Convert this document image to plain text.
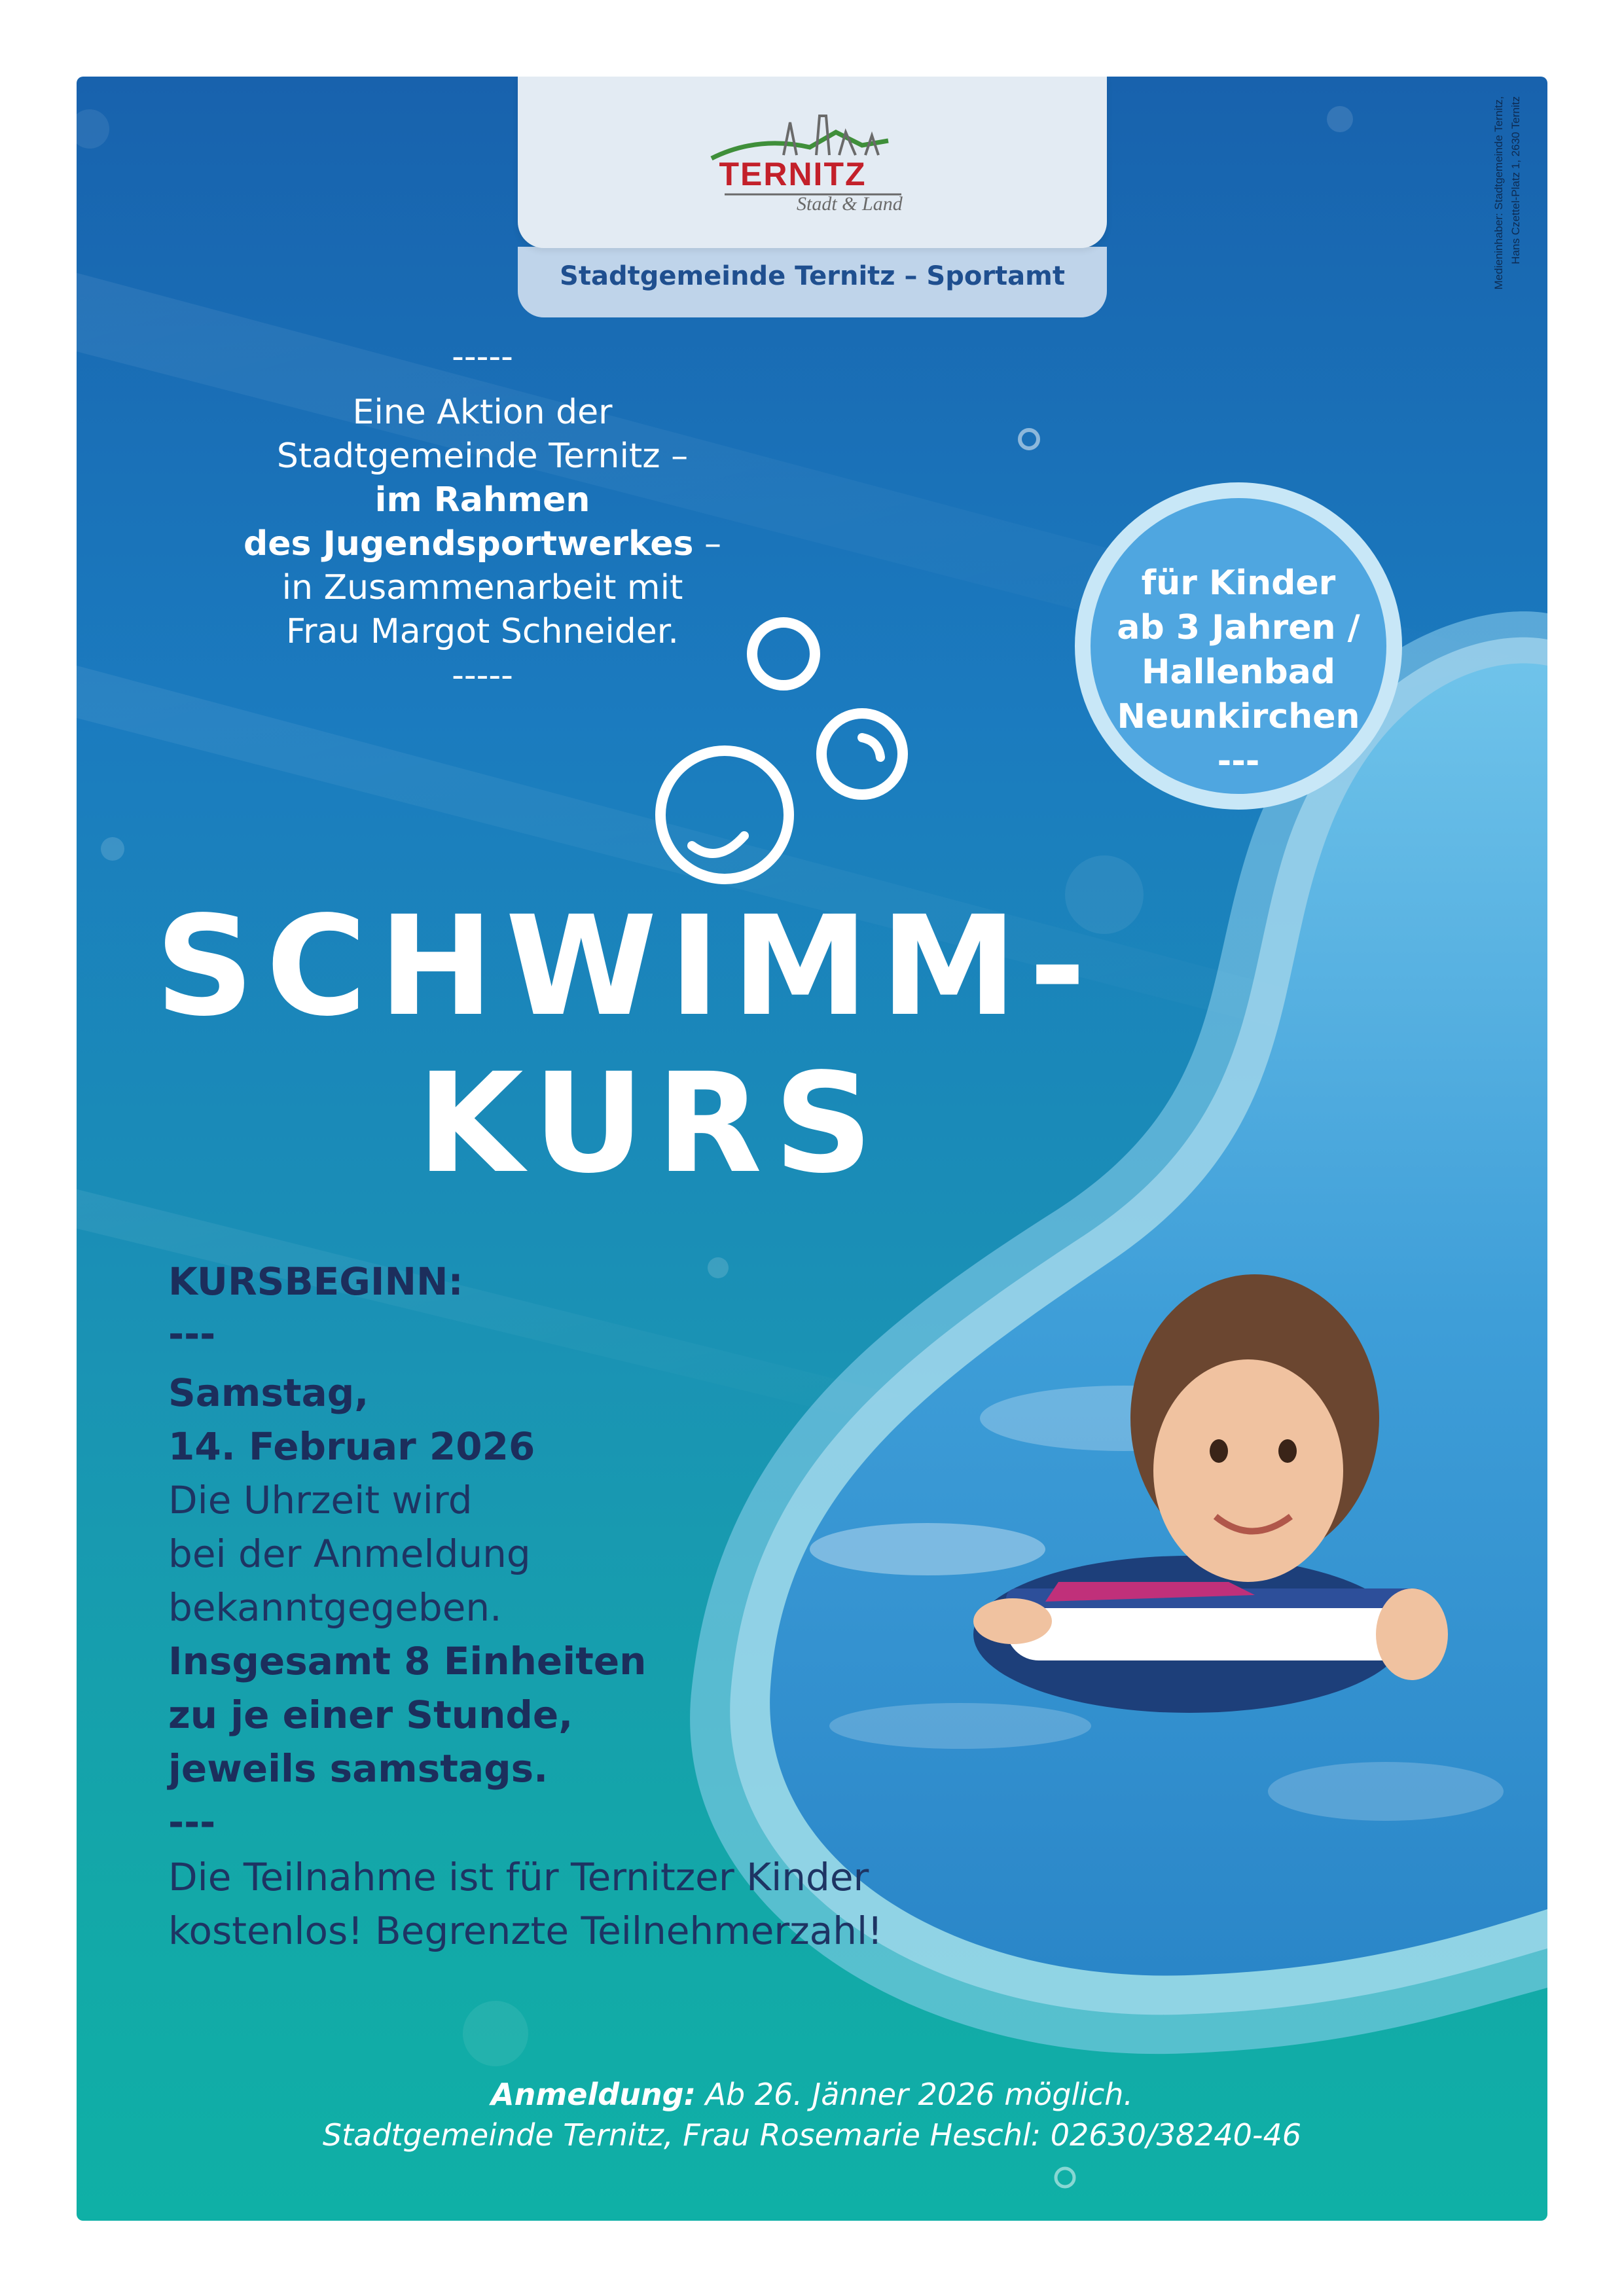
TERNITZ
Stadt & Land
Stadtgemeinde Ternitz – Sportamt	Medieninhaber: Stadtgemeinde Ternitz, Hans Czettel-Platz 1, 2630 Ternitz
-----
Eine Aktion der
Stadtgemeinde Ternitz –
im Rahmen
des Jugendsportwerkes –
in Zusammenarbeit mit
Frau Margot Schneider.
-----
für Kinder
ab 3 Jahren /
Hallenbad
Neunkirchen
---
SCHWIMM-
KURS
KURSBEGINN:
---
Samstag,
14. Februar 2026
Die Uhrzeit wird
bei der Anmeldung
bekanntgegeben.
Insgesamt 8 Einheiten
zu je einer Stunde,
jeweils samstags.
---
Die Teilnahme ist für Ternitzer Kinder
kostenlos! Begrenzte Teilnehmerzahl!
Anmeldung: Ab 26. Jänner 2026 möglich.
Stadtgemeinde Ternitz, Frau Rosemarie Heschl: 02630/38240-46
